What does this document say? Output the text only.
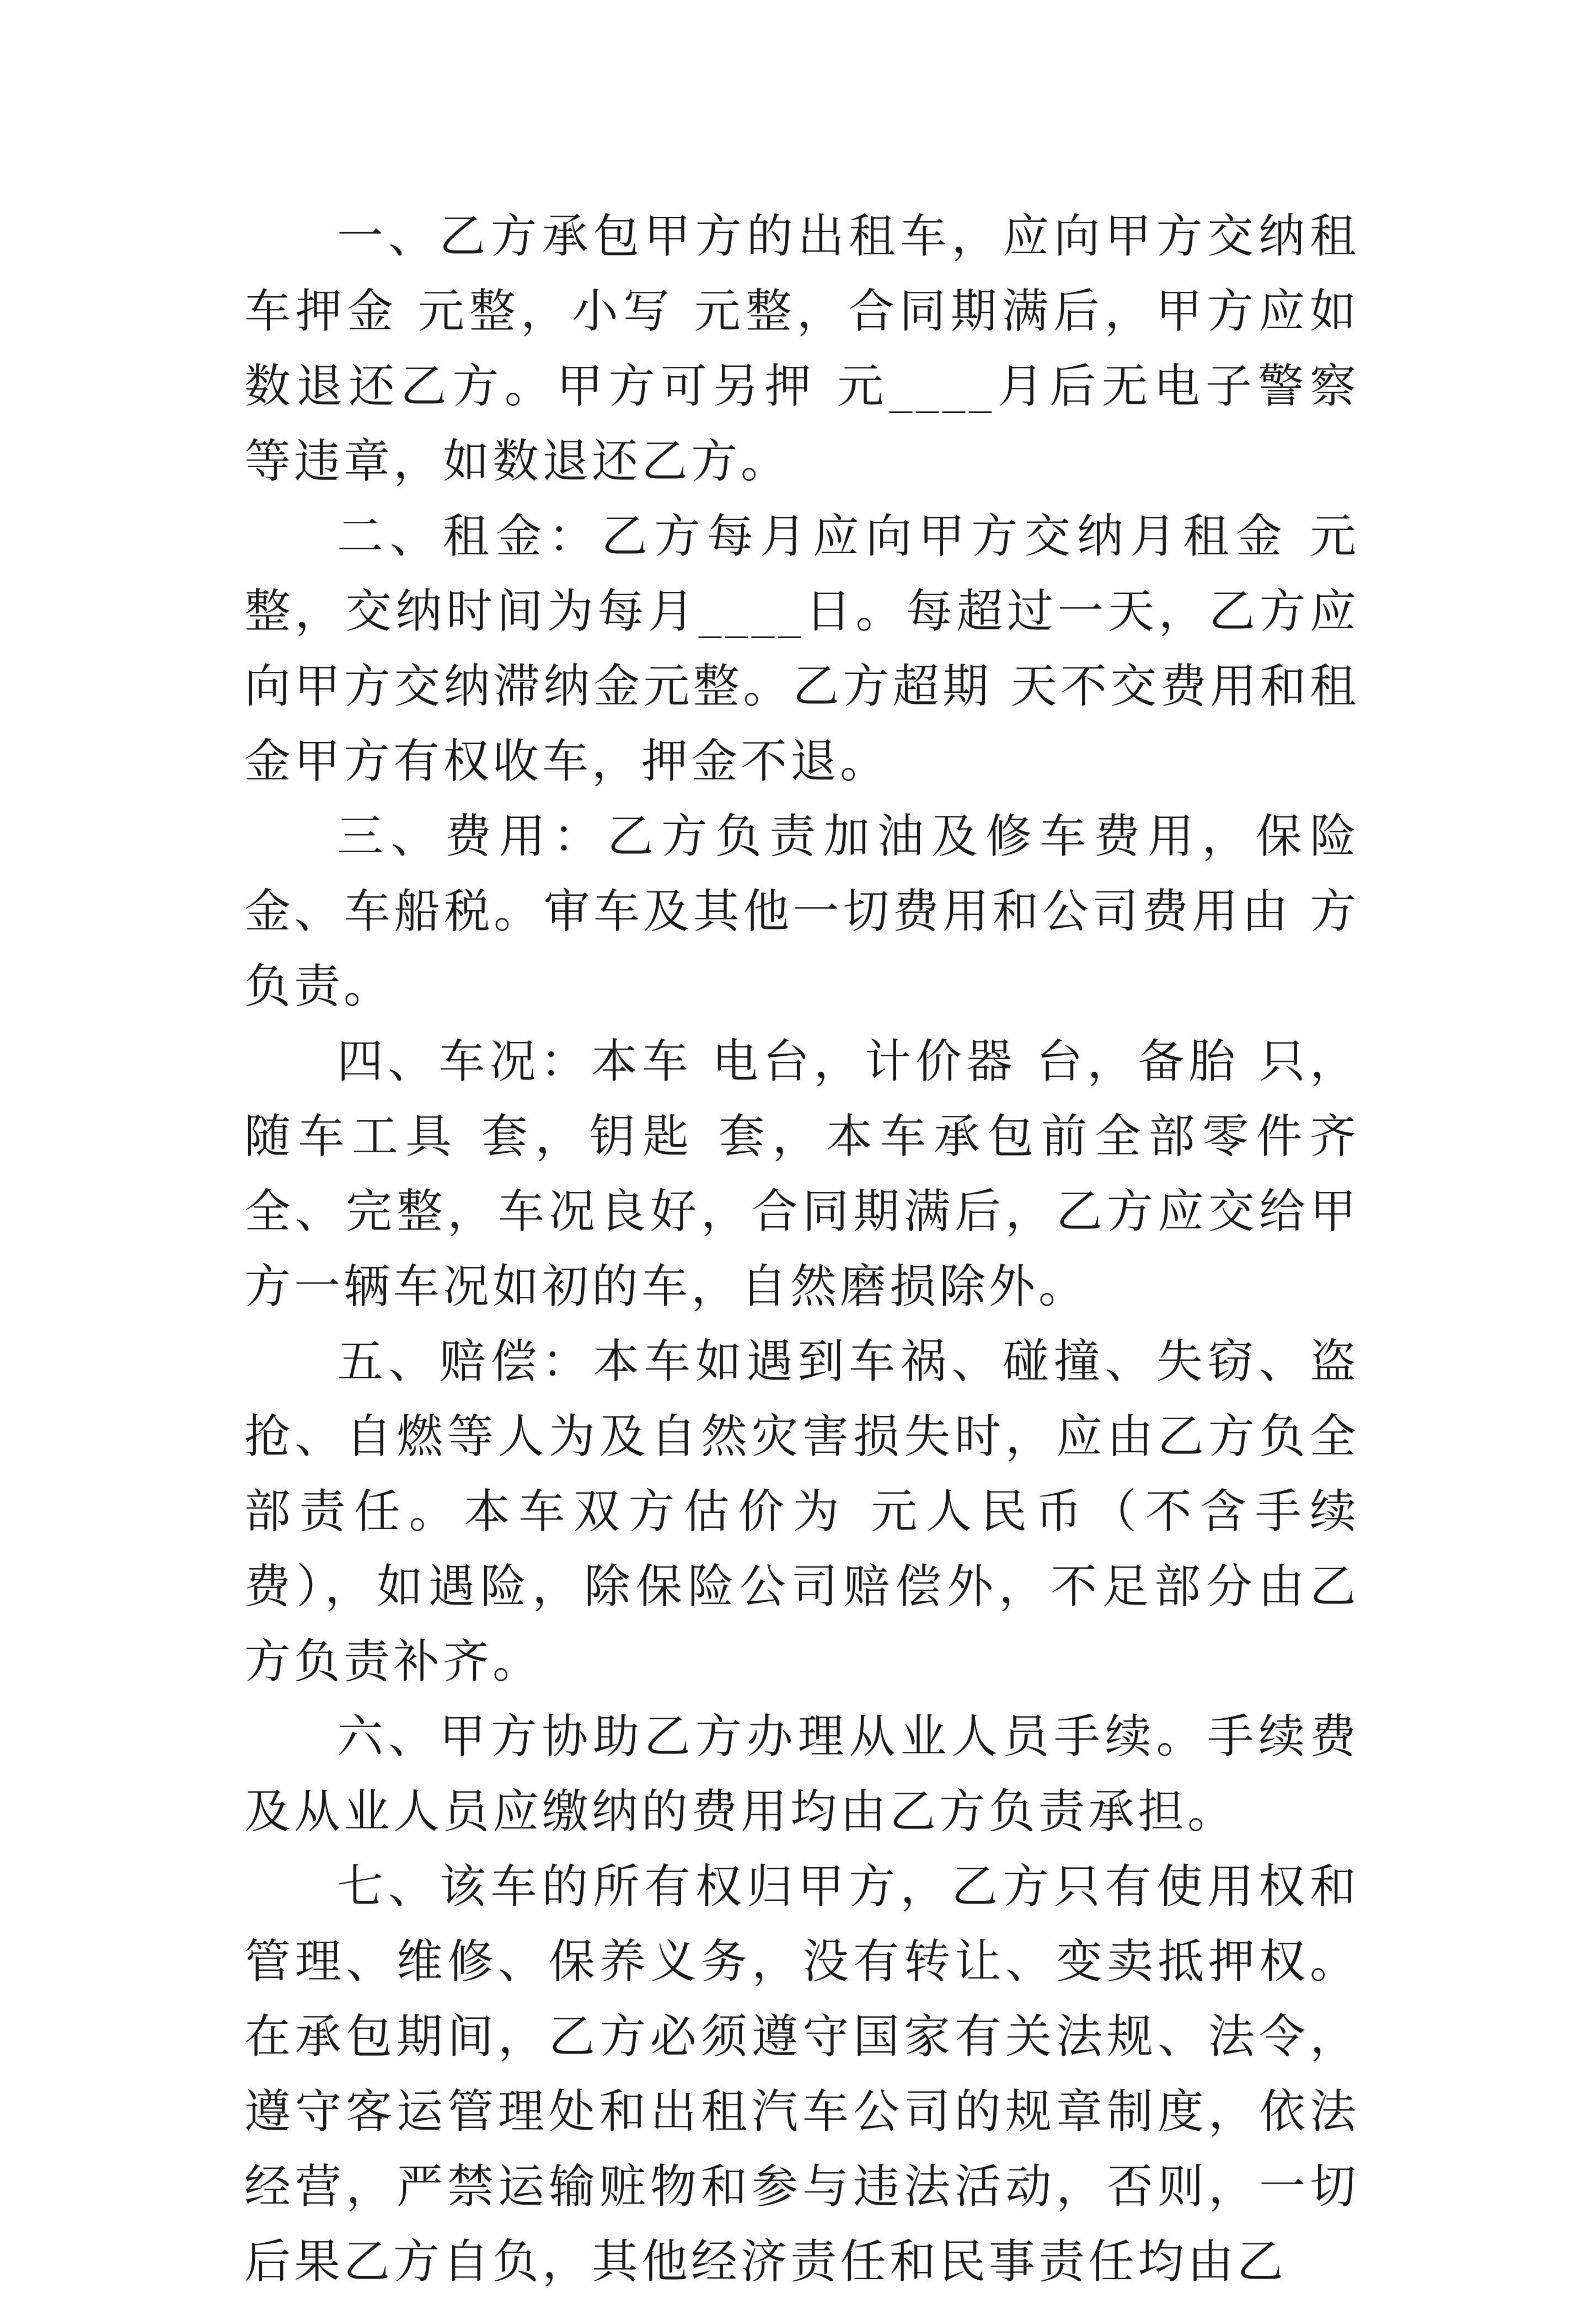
一、乙方承包甲方的出租车，应向甲方交纳租车押金 元整，小写 元整，合同期满后，甲方应如数退还乙方。甲方可另押 元____月后无电子警察等违章，如数退还乙方。

二、租金：乙方每月应向甲方交纳月租金 元整，交纳时间为每月____日。每超过一天，乙方应向甲方交纳滞纳金元整。乙方超期 天不交费用和租金甲方有权收车，押金不退。

三、费用：乙方负责加油及修车费用，保险金、车船税。审车及其他一切费用和公司费用由 方负责。

四、车况：本车 电台，计价器 台，备胎 只，随车工具 套，钥匙 套，本车承包前全部零件齐全、完整，车况良好，合同期满后，乙方应交给甲方一辆车况如初的车，自然磨损除外。

五、赔偿：本车如遇到车祸、碰撞、失窃、盗抢、自燃等人为及自然灾害损失时，应由乙方负全部责任。本车双方估价为 元人民币（不含手续费），如遇险，除保险公司赔偿外，不足部分由乙方负责补齐。

六、甲方协助乙方办理从业人员手续。手续费及从业人员应缴纳的费用均由乙方负责承担。

七、该车的所有权归甲方，乙方只有使用权和管理、维修、保养义务，没有转让、变卖抵押权。在承包期间，乙方必须遵守国家有关法规、法令，遵守客运管理处和出租汽车公司的规章制度，依法经营，严禁运输赃物和参与违法活动，否则，一切后果乙方自负，其他经济责任和民事责任均由乙
